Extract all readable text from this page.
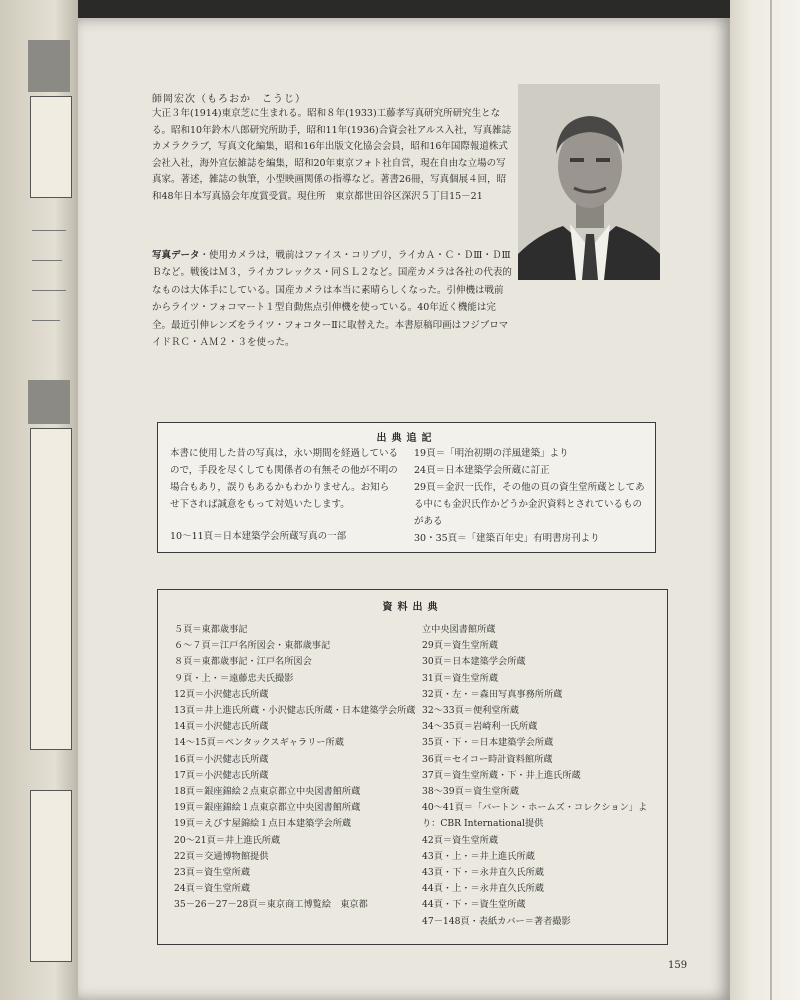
師岡宏次（もろおか　こうじ）
大正３年(1914)東京芝に生まれる。昭和８年(1933)工藤孝写真研究所研究生となる。昭和10年鈴木八郎研究所助手，昭和11年(1936)合資会社アルス入社，写真雑誌カメラクラブ，写真文化編集，昭和16年出版文化協会会員，昭和16年国際報道株式会社入社，海外宣伝雑誌を編集，昭和20年東京フォト社自営，現在自由な立場の写真家。著述，雑誌の執筆，小型映画関係の指導など。著書26冊，写真個展４回，昭和48年日本写真協会年度賞受賞。現住所　東京都世田谷区深沢５丁目15－21
写真データ・使用カメラは，戦前はファイス・コリブリ，ライカＡ・Ｃ・ＤⅢ・ＤⅢＢなど。戦後はＭ３，ライカフレックス・同ＳＬ２など。国産カメラは各社の代表的なものは大体手にしている。国産カメラは本当に素晴らしくなった。引伸機は戦前からライツ・フォコマート１型自動焦点引伸機を使っている。40年近く機能は完全。最近引伸レンズをライツ・フォコターⅡに取替えた。本書原稿印画はフジブロマイドＲＣ・ＡＭ２・３を使った。
出典追記
本書に使用した昔の写真は，永い期間を経過しているので，手段を尽くしても関係者の有無その他が不明の場合もあり，誤りもあるかもわかりません。お知らせ下されば誠意をもって対処いたします。
10～11頁＝日本建築学会所蔵写真の一部
19頁＝「明治初期の洋風建築」より
24頁＝日本建築学会所蔵に訂正
29頁＝金沢一氏作，その他の頁の資生堂所蔵としてある中にも金沢氏作かどうか金沢資料とされているものがある
30・35頁＝「建築百年史」有明書房刊より
資料出典
５頁＝東都歳事記
６～７頁＝江戸名所図会・東都歳事記
８頁＝東都歳事記・江戸名所図会
９頁・上・＝遠藤忠夫氏撮影
12頁＝小沢健志氏所蔵
13頁＝井上進氏所蔵・小沢健志氏所蔵・日本建築学会所蔵
14頁＝小沢健志氏所蔵
14～15頁＝ペンタックスギャラリー所蔵
16頁＝小沢健志氏所蔵
17頁＝小沢健志氏所蔵
18頁＝銀座錦絵２点東京都立中央図書館所蔵
19頁＝銀座錦絵１点東京都立中央図書館所蔵
19頁＝えびす屋錦絵１点日本建築学会所蔵
20～21頁＝井上進氏所蔵
22頁＝交通博物館提供
23頁＝資生堂所蔵
24頁＝資生堂所蔵
35－26－27－28頁＝東京商工博覧絵　東京都
立中央図書館所蔵
29頁＝資生堂所蔵
30頁＝日本建築学会所蔵
31頁＝資生堂所蔵
32頁・左・＝森田写真事務所所蔵
32～33頁＝便利堂所蔵
34～35頁＝岩崎利一氏所蔵
35頁・下・＝日本建築学会所蔵
36頁＝セイコー時計資料館所蔵
37頁＝資生堂所蔵・下・井上進氏所蔵
38～39頁＝資生堂所蔵
40～41頁＝「バートン・ホームズ・コレクション」より：CBR International提供
42頁＝資生堂所蔵
43頁・上・＝井上進氏所蔵
43頁・下・＝永井直久氏所蔵
44頁・上・＝永井直久氏所蔵
44頁・下・＝資生堂所蔵
47－148頁・表紙カバー＝著者撮影
159
